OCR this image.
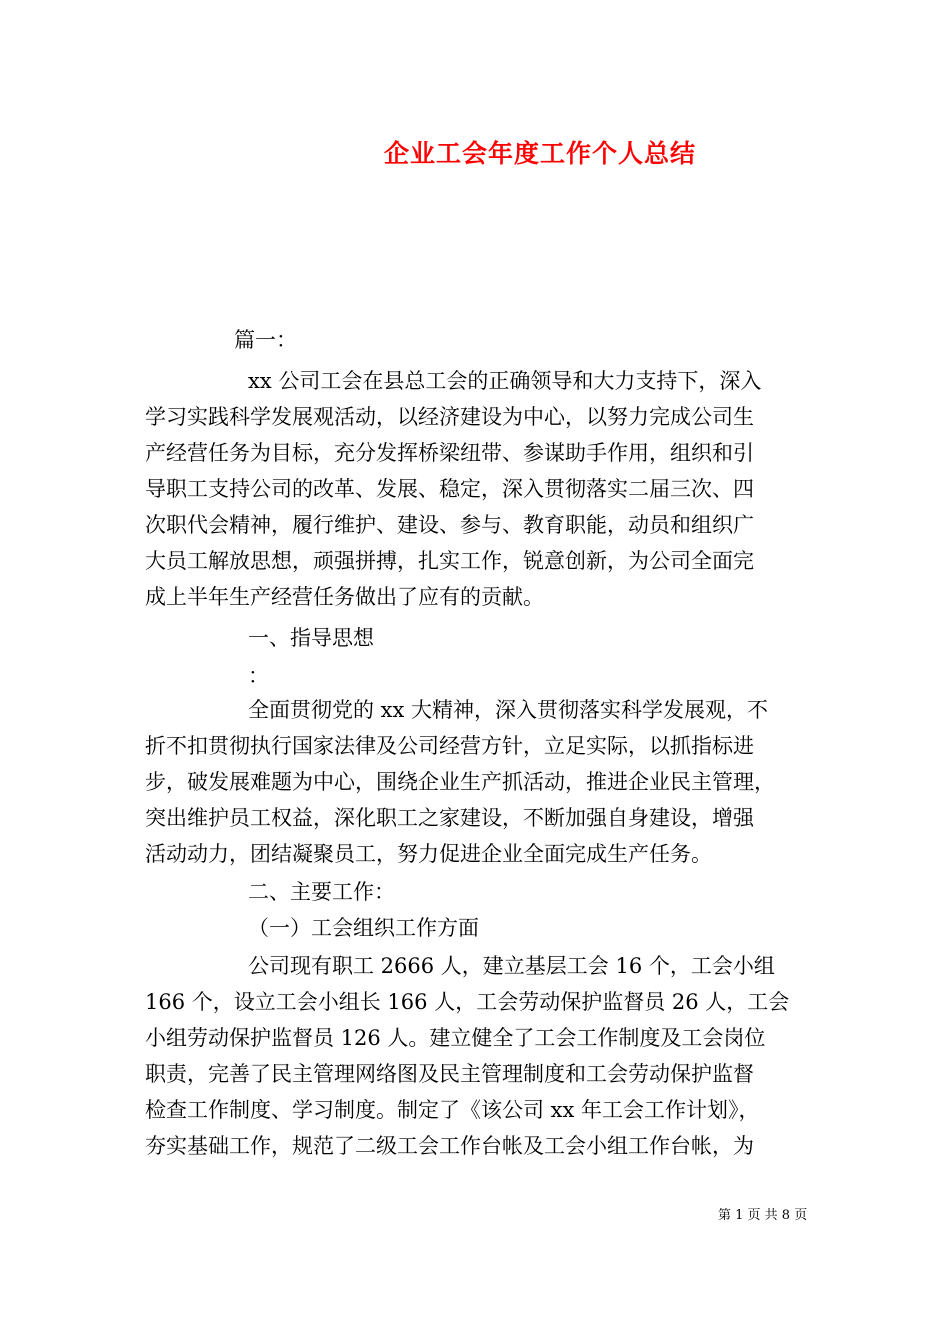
企业工会年度工作个人总结
篇一：
xx 公司工会在县总工会的正确领导和大力支持下，深入
学习实践科学发展观活动，以经济建设为中心，以努力完成公司生
产经营任务为目标，充分发挥桥梁纽带、参谋助手作用，组织和引
导职工支持公司的改革、发展、稳定，深入贯彻落实二届三次、四
次职代会精神，履行维护、建设、参与、教育职能，动员和组织广
大员工解放思想，顽强拼搏，扎实工作，锐意创新，为公司全面完
成上半年生产经营任务做出了应有的贡献。
一、指导思想
：
全面贯彻党的 xx 大精神，深入贯彻落实科学发展观，不
折不扣贯彻执行国家法律及公司经营方针，立足实际，以抓指标进
步，破发展难题为中心，围绕企业生产抓活动，推进企业民主管理，
突出维护员工权益，深化职工之家建设，不断加强自身建设，增强
活动动力，团结凝聚员工，努力促进企业全面完成生产任务。
二、主要工作：
（一）工会组织工作方面
公司现有职工 2666 人，建立基层工会 16 个，工会小组
166 个，设立工会小组长 166 人，工会劳动保护监督员 26 人，工会
小组劳动保护监督员 126 人。建立健全了工会工作制度及工会岗位
职责，完善了民主管理网络图及民主管理制度和工会劳动保护监督
检查工作制度、学习制度。制定了《该公司 xx 年工会工作计划》，
夯实基础工作，规范了二级工会工作台帐及工会小组工作台帐，为
第 1 页 共 8 页
